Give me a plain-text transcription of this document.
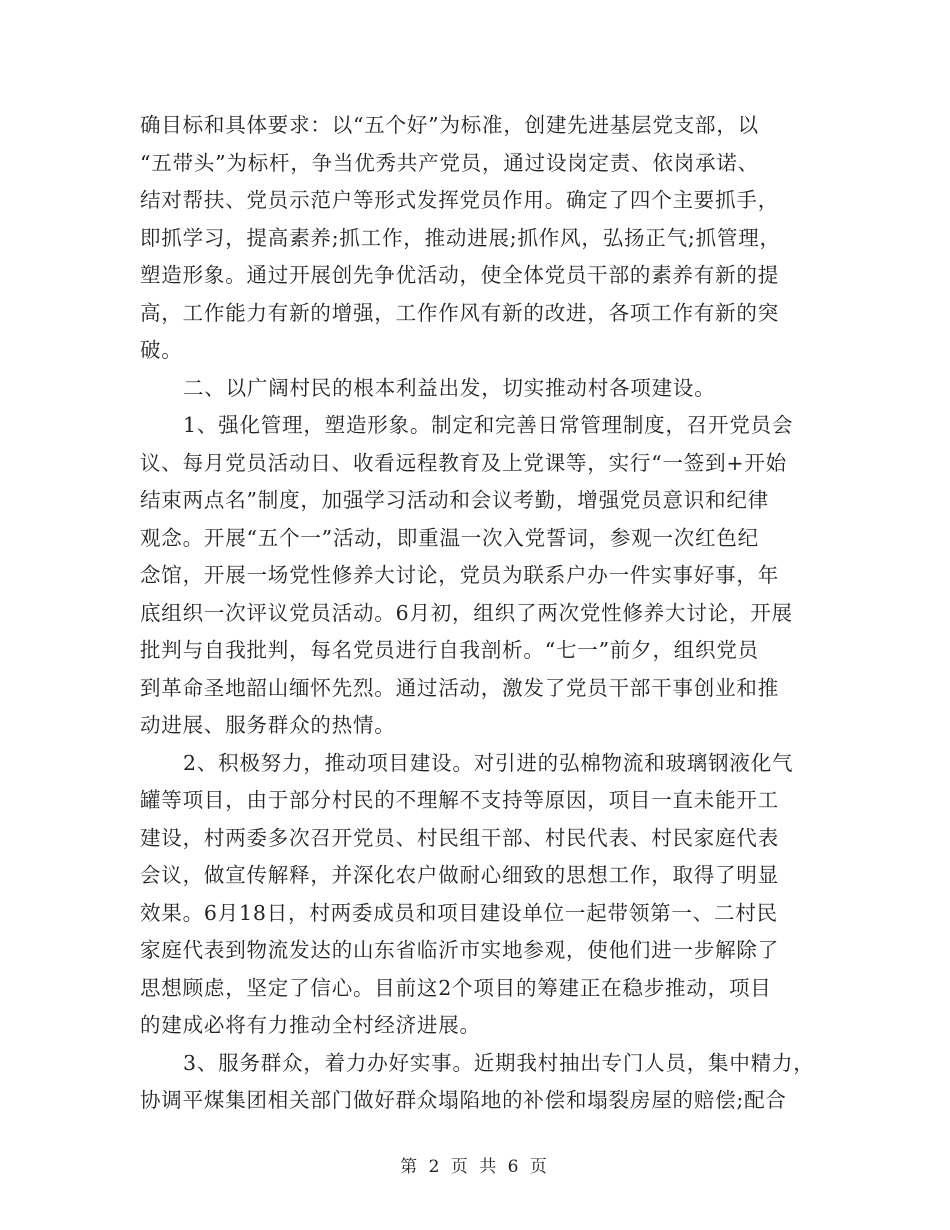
确目标和具体要求：以“五个好”为标准，创建先进基层党支部，以
“五带头”为标杆，争当优秀共产党员，通过设岗定责、依岗承诺、
结对帮扶、党员示范户等形式发挥党员作用。确定了四个主要抓手，
即抓学习，提高素养;抓工作，推动进展;抓作风，弘扬正气;抓管理，
塑造形象。通过开展创先争优活动，使全体党员干部的素养有新的提
高，工作能力有新的增强，工作作风有新的改进，各项工作有新的突
破。
二、以广阔村民的根本利益出发，切实推动村各项建设。
1、强化管理，塑造形象。制定和完善日常管理制度，召开党员会
议、每月党员活动日、收看远程教育及上党课等，实行“一签到+开始
结束两点名”制度，加强学习活动和会议考勤，增强党员意识和纪律
观念。开展“五个一”活动，即重温一次入党誓词，参观一次红色纪
念馆，开展一场党性修养大讨论，党员为联系户办一件实事好事，年
底组织一次评议党员活动。6月初，组织了两次党性修养大讨论，开展
批判与自我批判，每名党员进行自我剖析。“七一”前夕，组织党员
到革命圣地韶山缅怀先烈。通过活动，激发了党员干部干事创业和推
动进展、服务群众的热情。
2、积极努力，推动项目建设。对引进的弘棉物流和玻璃钢液化气
罐等项目，由于部分村民的不理解不支持等原因，项目一直未能开工
建设，村两委多次召开党员、村民组干部、村民代表、村民家庭代表
会议，做宣传解释，并深化农户做耐心细致的思想工作，取得了明显
效果。6月18日，村两委成员和项目建设单位一起带领第一、二村民
家庭代表到物流发达的山东省临沂市实地参观，使他们进一步解除了
思想顾虑，坚定了信心。目前这2个项目的筹建正在稳步推动，项目
的建成必将有力推动全村经济进展。
3、服务群众，着力办好实事。近期我村抽出专门人员，集中精力，
协调平煤集团相关部门做好群众塌陷地的补偿和塌裂房屋的赔偿;配合
第 2 页 共 6 页
